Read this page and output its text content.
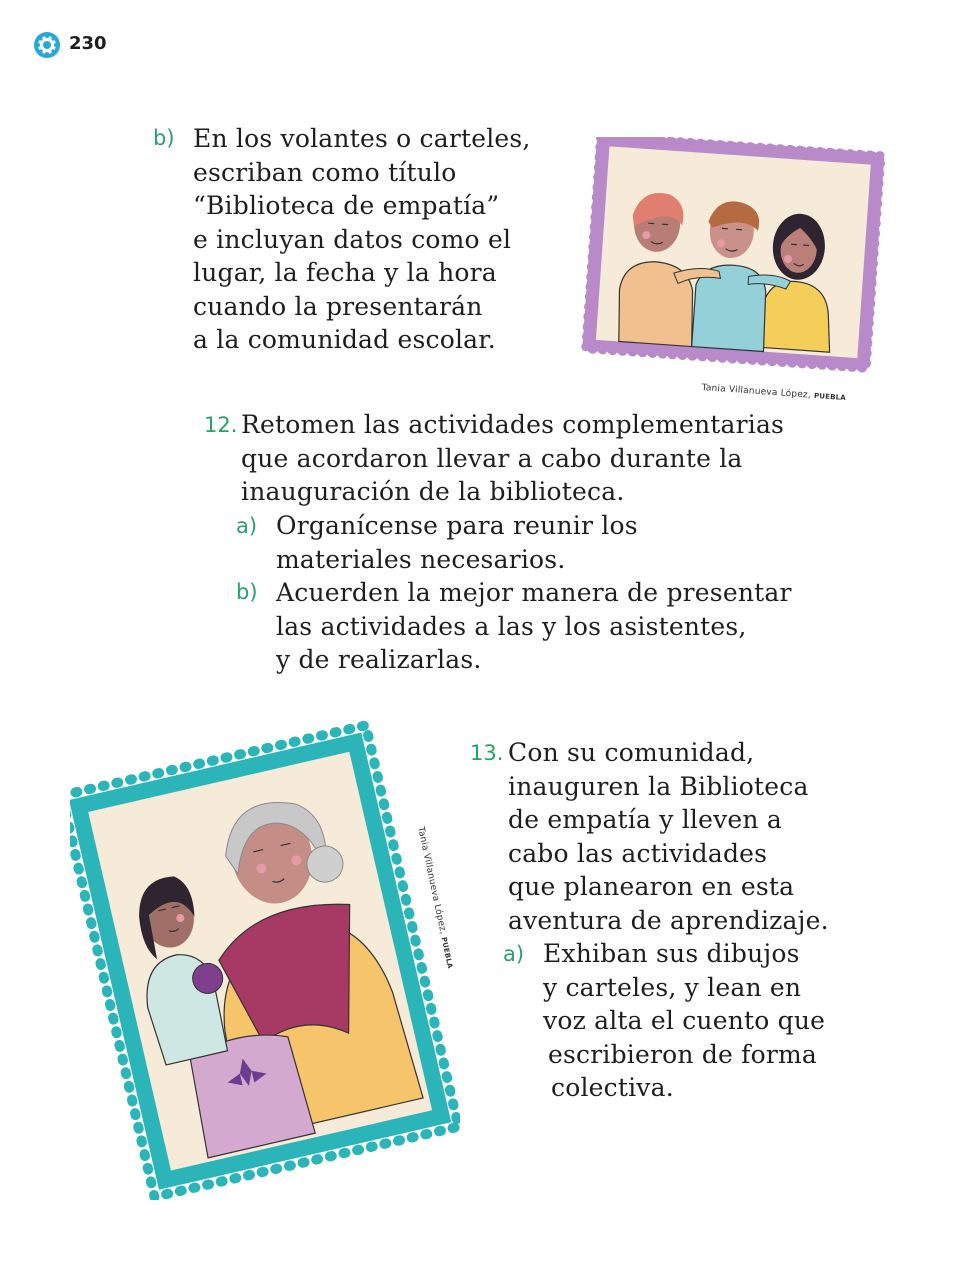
230
b) En los volantes o carteles,
escriban como título
“Biblioteca de empatía”
e incluyan datos como el
lugar, la fecha y la hora
cuando la presentarán
a la comunidad escolar.
Tania Villanueva López, PUEBLA
12. Retomen las actividades complementarias
que acordaron llevar a cabo durante la
inauguración de la biblioteca.
a) Organícense para reunir los
materiales necesarios.
b) Acuerden la mejor manera de presentar
las actividades a las y los asistentes,
y de realizarlas.
Tania Villanueva López, PUEBLA
13. Con su comunidad,
inauguren la Biblioteca
de empatía y lleven a
cabo las actividades
que planearon en esta
aventura de aprendizaje.
a) Exhiban sus dibujos
y carteles, y lean en
voz alta el cuento que
escribieron de forma
colectiva.
